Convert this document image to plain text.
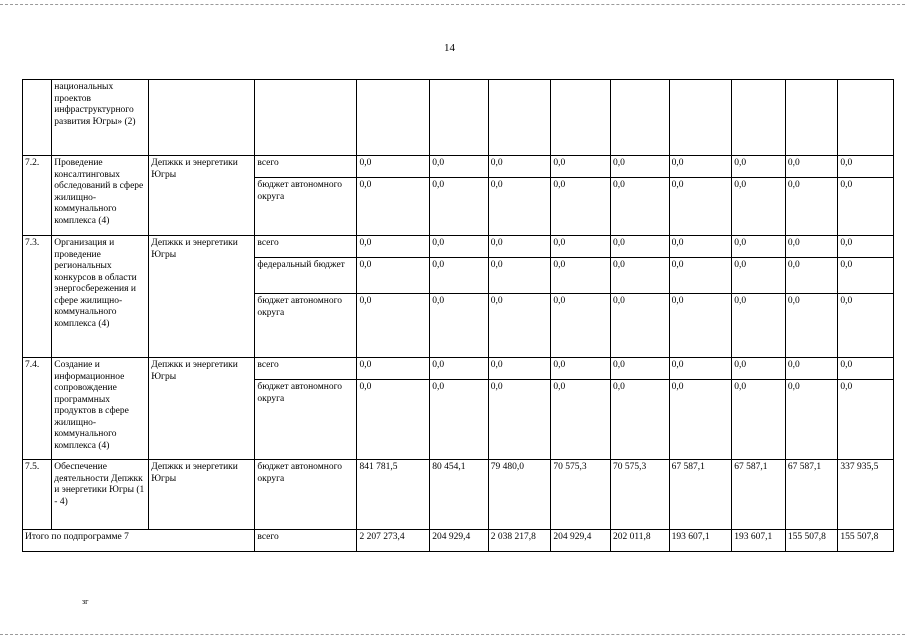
14
	национальных проектов инфраструктурного развития Югры» (2)											
7.2.	Проведение консалтинговых обследований в сфере жилищно-коммунального комплекса (4)	Депжкк и энергетики Югры	всего	0,0	0,0	0,0	0,0	0,0	0,0	0,0	0,0	0,0
			бюджет автономного округа	0,0	0,0	0,0	0,0	0,0	0,0	0,0	0,0	0,0
7.3.	Организация и проведение региональных конкурсов в области энергосбережения и сфере жилищно-коммунального комплекса (4)	Депжкк и энергетики Югры	всего	0,0	0,0	0,0	0,0	0,0	0,0	0,0	0,0	0,0
			федеральный бюджет	0,0	0,0	0,0	0,0	0,0	0,0	0,0	0,0	0,0
			бюджет автономного округа	0,0	0,0	0,0	0,0	0,0	0,0	0,0	0,0	0,0
7.4.	Создание и информационное сопровождение программных продуктов в сфере жилищно-коммунального комплекса (4)	Депжкк и энергетики Югры	всего	0,0	0,0	0,0	0,0	0,0	0,0	0,0	0,0	0,0
			бюджет автономного округа	0,0	0,0	0,0	0,0	0,0	0,0	0,0	0,0	0,0
7.5.	Обеспечение деятельности Депжкк и энергетики Югры (1 - 4)	Депжкк и энергетики Югры	бюджет автономного округа	841 781,5	80 454,1	79 480,0	70 575,3	70 575,3	67 587,1	67 587,1	67 587,1	337 935,5
Итого по подпрограмме 7			всего	2 207 273,4	204 929,4	2 038 217,8	204 929,4	202 011,8	193 607,1	193 607,1	155 507,8	155 507,8
зг
